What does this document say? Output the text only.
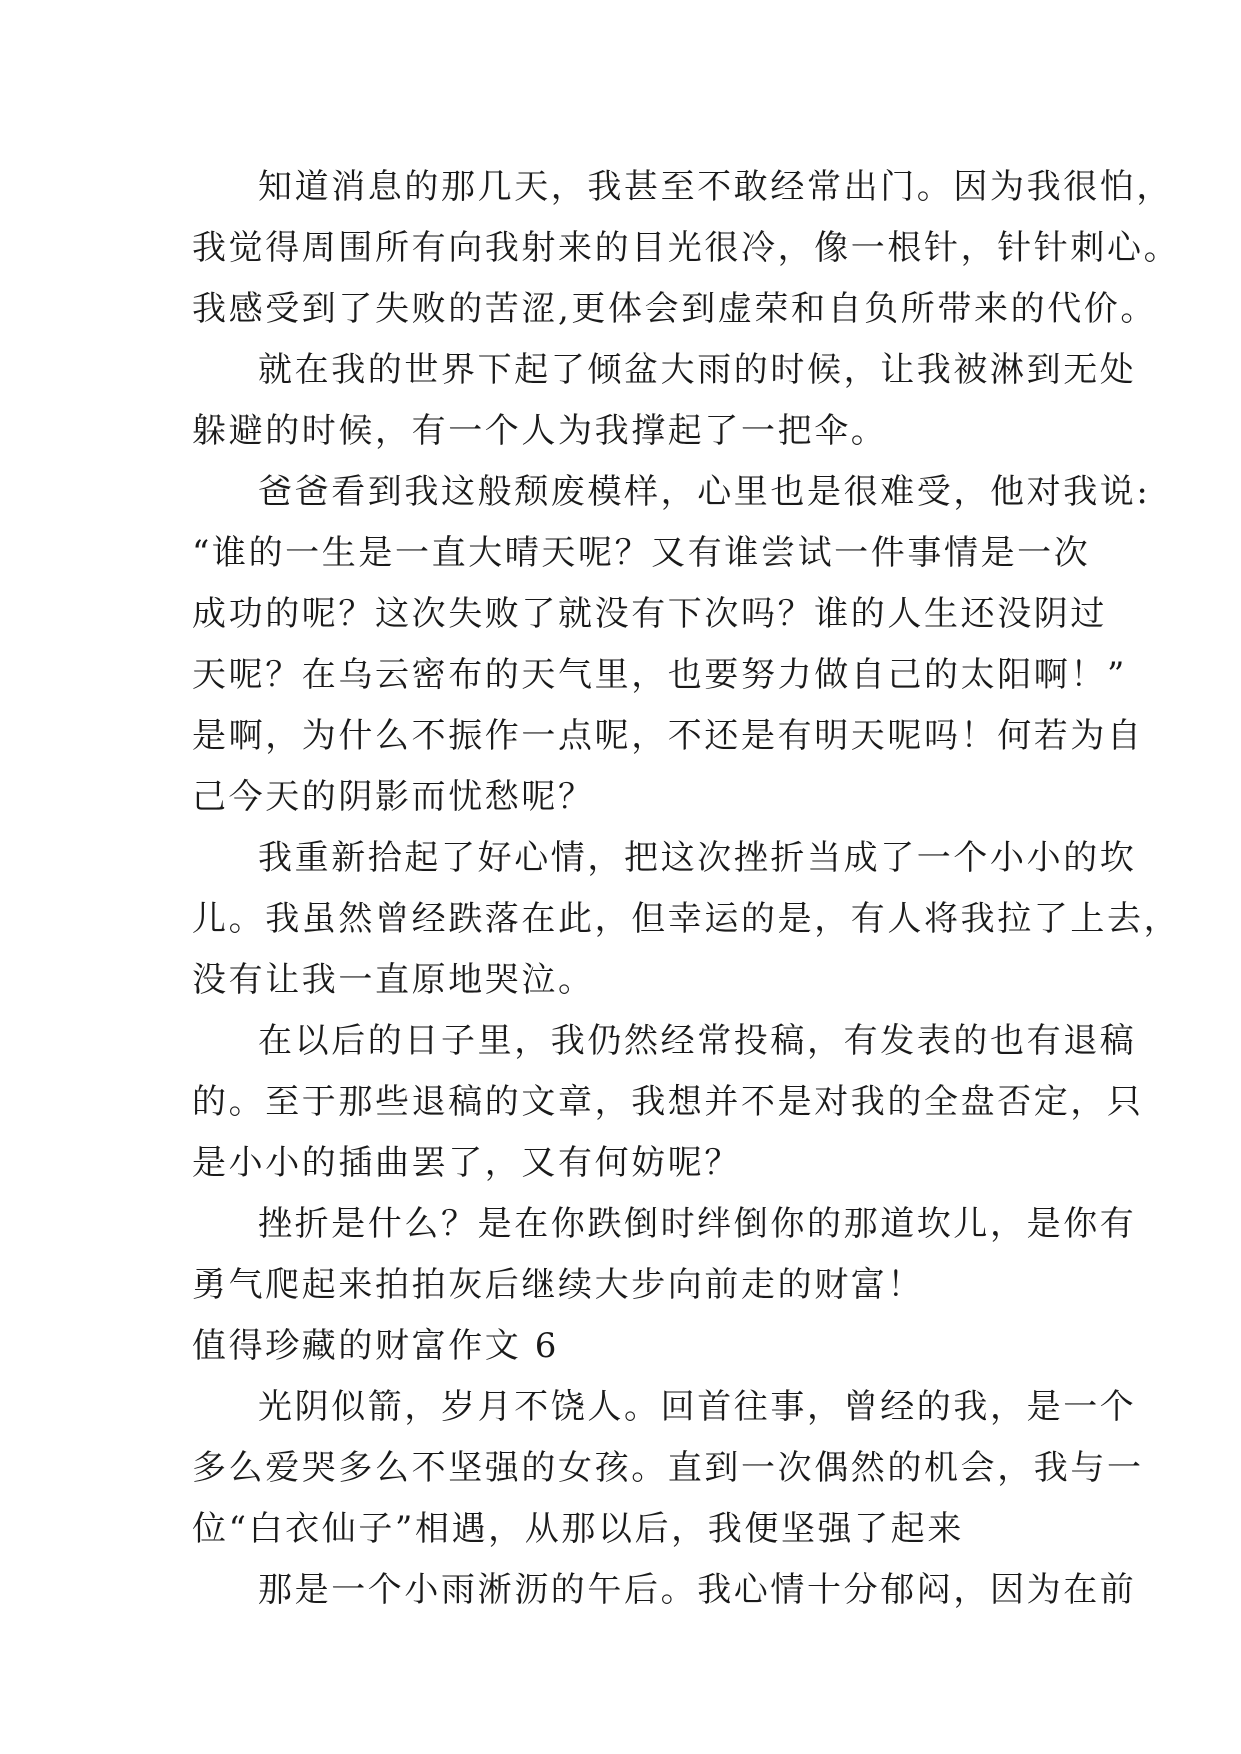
知道消息的那几天，我甚至不敢经常出门。因为我很怕，
我觉得周围所有向我射来的目光很冷，像一根针，针针刺心。
我感受到了失败的苦涩,更体会到虚荣和自负所带来的代价。
就在我的世界下起了倾盆大雨的时候，让我被淋到无处
躲避的时候，有一个人为我撑起了一把伞。
爸爸看到我这般颓废模样，心里也是很难受，他对我说:
“谁的一生是一直大晴天呢？又有谁尝试一件事情是一次
成功的呢？这次失败了就没有下次吗？谁的人生还没阴过
天呢？在乌云密布的天气里，也要努力做自己的太阳啊！”
是啊，为什么不振作一点呢，不还是有明天呢吗！何若为自
己今天的阴影而忧愁呢？
我重新拾起了好心情，把这次挫折当成了一个小小的坎
儿。我虽然曾经跌落在此，但幸运的是，有人将我拉了上去，
没有让我一直原地哭泣。
在以后的日子里，我仍然经常投稿，有发表的也有退稿
的。至于那些退稿的文章，我想并不是对我的全盘否定，只
是小小的插曲罢了，又有何妨呢？
挫折是什么？是在你跌倒时绊倒你的那道坎儿，是你有
勇气爬起来拍拍灰后继续大步向前走的财富！
值得珍藏的财富作文 6
光阴似箭，岁月不饶人。回首往事，曾经的我，是一个
多么爱哭多么不坚强的女孩。直到一次偶然的机会，我与一
位“白衣仙子”相遇，从那以后，我便坚强了起来
那是一个小雨淅沥的午后。我心情十分郁闷，因为在前
